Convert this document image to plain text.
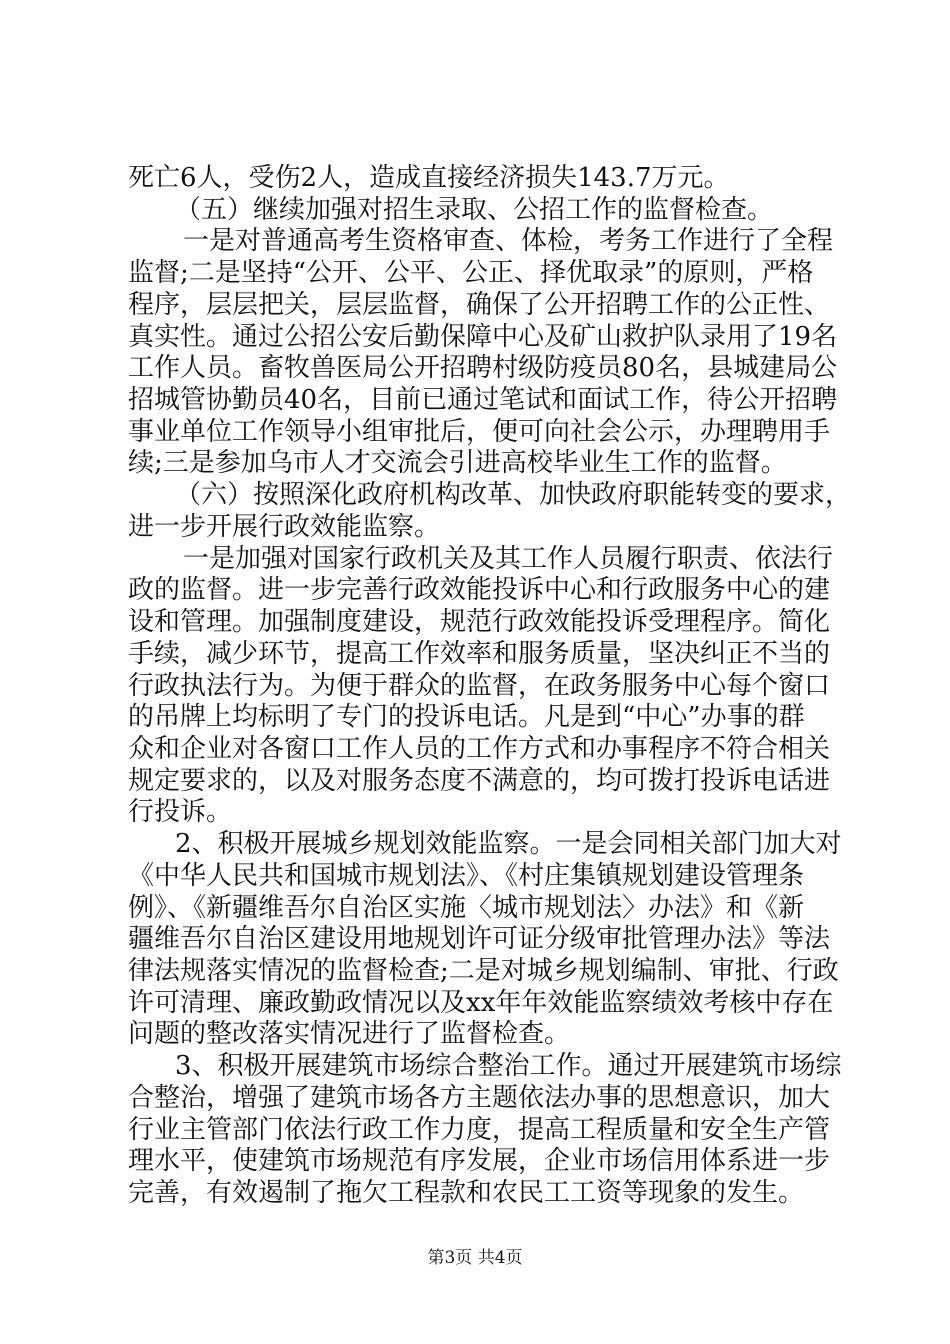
死亡6人，受伤2人，造成直接经济损失143.7万元。

（五）继续加强对招生录取、公招工作的监督检查。

一是对普通高考生资格审查、体检，考务工作进行了全程

监督;二是坚持“公开、公平、公正、择优取录”的原则，严格

程序，层层把关，层层监督，确保了公开招聘工作的公正性、

真实性。通过公招公安后勤保障中心及矿山救护队录用了19名

工作人员。畜牧兽医局公开招聘村级防疫员80名，县城建局公

招城管协勤员40名，目前已通过笔试和面试工作，待公开招聘

事业单位工作领导小组审批后，便可向社会公示，办理聘用手

续;三是参加乌市人才交流会引进高校毕业生工作的监督。

（六）按照深化政府机构改革、加快政府职能转变的要求，

进一步开展行政效能监察。

一是加强对国家行政机关及其工作人员履行职责、依法行

政的监督。进一步完善行政效能投诉中心和行政服务中心的建

设和管理。加强制度建设，规范行政效能投诉受理程序。简化

手续，减少环节，提高工作效率和服务质量，坚决纠正不当的

行政执法行为。为便于群众的监督，在政务服务中心每个窗口

的吊牌上均标明了专门的投诉电话。凡是到“中心”办事的群

众和企业对各窗口工作人员的工作方式和办事程序不符合相关

规定要求的，以及对服务态度不满意的，均可拨打投诉电话进

行投诉。

2、积极开展城乡规划效能监察。一是会同相关部门加大对

《中华人民共和国城市规划法》、《村庄集镇规划建设管理条

例》、《新疆维吾尔自治区实施〈城市规划法〉办法》和《新

疆维吾尔自治区建设用地规划许可证分级审批管理办法》等法

律法规落实情况的监督检查;二是对城乡规划编制、审批、行政

许可清理、廉政勤政情况以及xx年年效能监察绩效考核中存在

问题的整改落实情况进行了监督检查。

3、积极开展建筑市场综合整治工作。通过开展建筑市场综

合整治，增强了建筑市场各方主题依法办事的思想意识，加大

行业主管部门依法行政工作力度，提高工程质量和安全生产管

理水平，使建筑市场规范有序发展，企业市场信用体系进一步

完善，有效遏制了拖欠工程款和农民工工资等现象的发生。

第3页 共4页
